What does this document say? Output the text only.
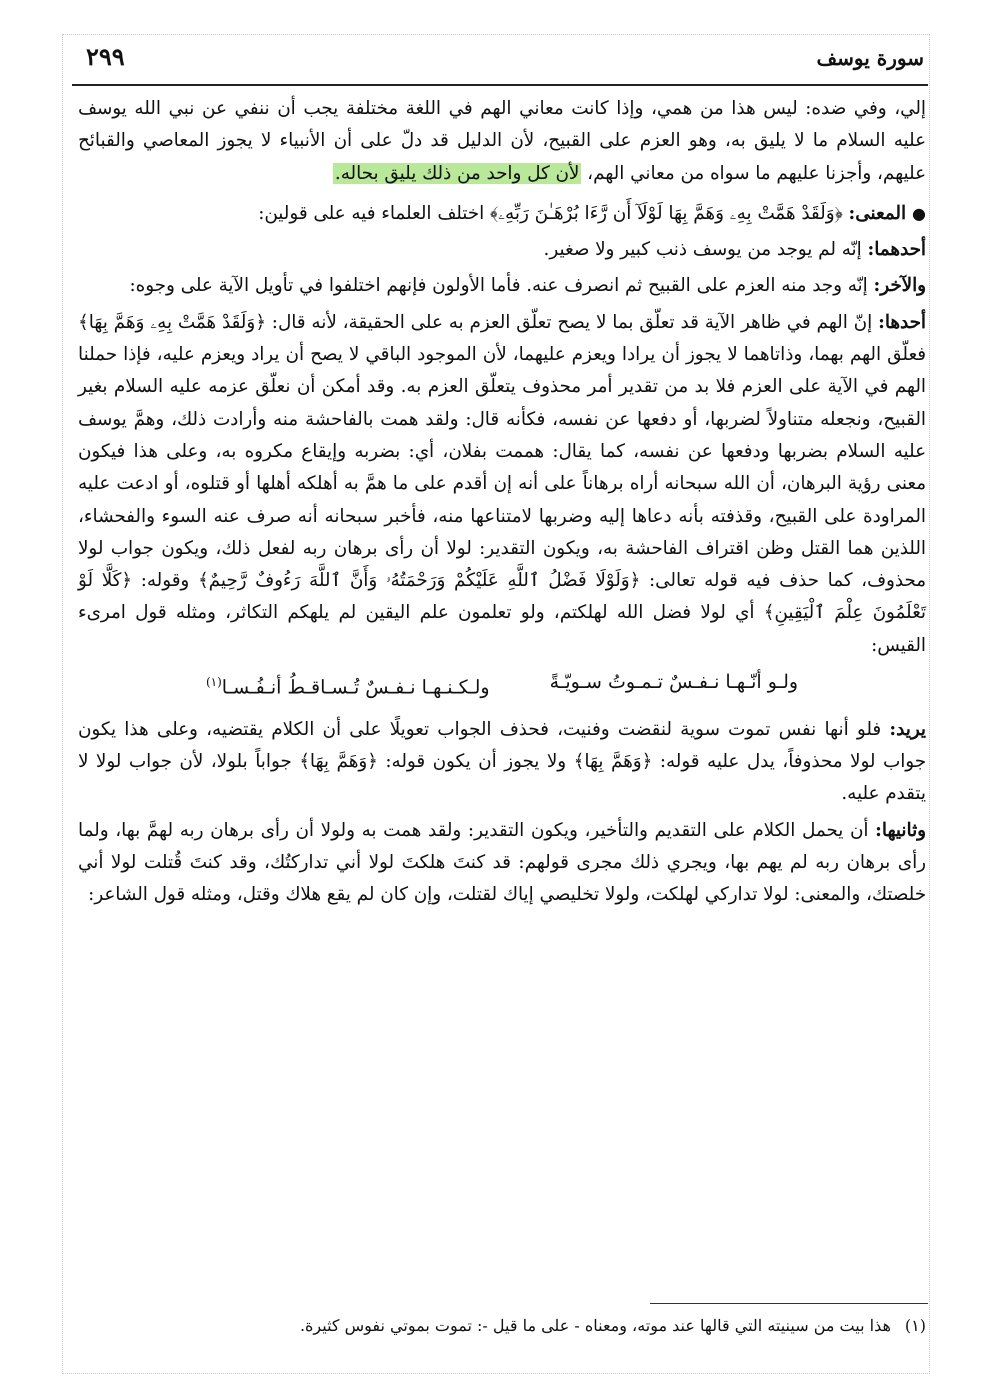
سورة يوسف
٢٩٩

إلي، وفي ضده: ليس هذا من همي، وإذا كانت معاني الهم في اللغة مختلفة يجب أن ننفي عن نبي الله يوسف عليه السلام ما لا يليق به، وهو العزم على القبيح، لأن الدليل قد دلّ على أن الأنبياء لا يجوز المعاصي والقبائح عليهم، وأجزنا عليهم ما سواه من معاني الهم، لأن كل واحد من ذلك يليق بحاله.

●المعنى: ﴿وَلَقَدْ هَمَّتْ بِهِۦ وَهَمَّ بِهَا لَوْلَآ أَن رَّءَا بُرْهَـٰنَ رَبِّهِۦ﴾ اختلف العلماء فيه على قولين:

أحدهما: إنّه لم يوجد من يوسف ذنب كبير ولا صغير.

والآخر: إنّه وجد منه العزم على القبيح ثم انصرف عنه. فأما الأولون فإنهم اختلفوا في تأويل الآية على وجوه:

أحدها: إنّ الهم في ظاهر الآية قد تعلّق بما لا يصح تعلّق العزم به على الحقيقة، لأنه قال: ﴿وَلَقَدْ هَمَّتْ بِهِۦ وَهَمَّ بِهَا﴾ فعلّق الهم بهما، وذاتاهما لا يجوز أن يرادا ويعزم عليهما، لأن الموجود الباقي لا يصح أن يراد ويعزم عليه، فإذا حملنا الهم في الآية على العزم فلا بد من تقدير أمر محذوف يتعلّق العزم به. وقد أمكن أن نعلّق عزمه عليه السلام بغير القبيح، ونجعله متناولاً لضربها، أو دفعها عن نفسه، فكأنه قال: ولقد همت بالفاحشة منه وأرادت ذلك، وهمَّ يوسف عليه السلام بضربها ودفعها عن نفسه، كما يقال: هممت بفلان، أي: بضربه وإيقاع مكروه به، وعلى هذا فيكون معنى رؤية البرهان، أن الله سبحانه أراه برهاناً على أنه إن أقدم على ما همَّ به أهلكه أهلها أو قتلوه، أو ادعت عليه المراودة على القبيح، وقذفته بأنه دعاها إليه وضربها لامتناعها منه، فأخبر سبحانه أنه صرف عنه السوء والفحشاء، اللذين هما القتل وظن اقتراف الفاحشة به، ويكون التقدير: لولا أن رأى برهان ربه لفعل ذلك، ويكون جواب لولا محذوف، كما حذف فيه قوله تعالى: ﴿وَلَوْلَا فَضْلُ ٱللَّهِ عَلَيْكُمْ وَرَحْمَتُهُۥ وَأَنَّ ٱللَّهَ رَءُوفٌ رَّحِيمٌ﴾ وقوله: ﴿كَلَّا لَوْ تَعْلَمُونَ عِلْمَ ٱلْيَقِينِ﴾ أي لولا فضل الله لهلكتم، ولو تعلمون علم اليقين لم يلهكم التكاثر، ومثله قول امرىء القيس:

ولـو أنّـهـا نـفـسٌ تـمـوتُ سـويّـةً
ولـكـنـهـا نـفـسٌ تُـسـاقـطُ أنـفُـسـا$^{(١)}$

يريد: فلو أنها نفس تموت سوية لنقضت وفنيت، فحذف الجواب تعويلًا على أن الكلام يقتضيه، وعلى هذا يكون جواب لولا محذوفاً، يدل عليه قوله: ﴿وَهَمَّ بِهَا﴾ ولا يجوز أن يكون قوله: ﴿وَهَمَّ بِهَا﴾ جواباً بلولا، لأن جواب لولا لا يتقدم عليه.

وثانيها: أن يحمل الكلام على التقديم والتأخير، ويكون التقدير: ولقد همت به ولولا أن رأى برهان ربه لهمَّ بها، ولما رأى برهان ربه لم يهم بها، ويجري ذلك مجرى قولهم: قد كنتَ هلكتَ لولا أني تداركتُك، وقد كنتَ قُتلت لولا أني خلصتك، والمعنى: لولا تداركي لهلكت، ولولا تخليصي إياك لقتلت، وإن كان لم يقع هلاك وقتل، ومثله قول الشاعر:

(١)هذا بيت من سينيته التي قالها عند موته، ومعناه - على ما قيل -: تموت بموتي نفوس كثيرة.
